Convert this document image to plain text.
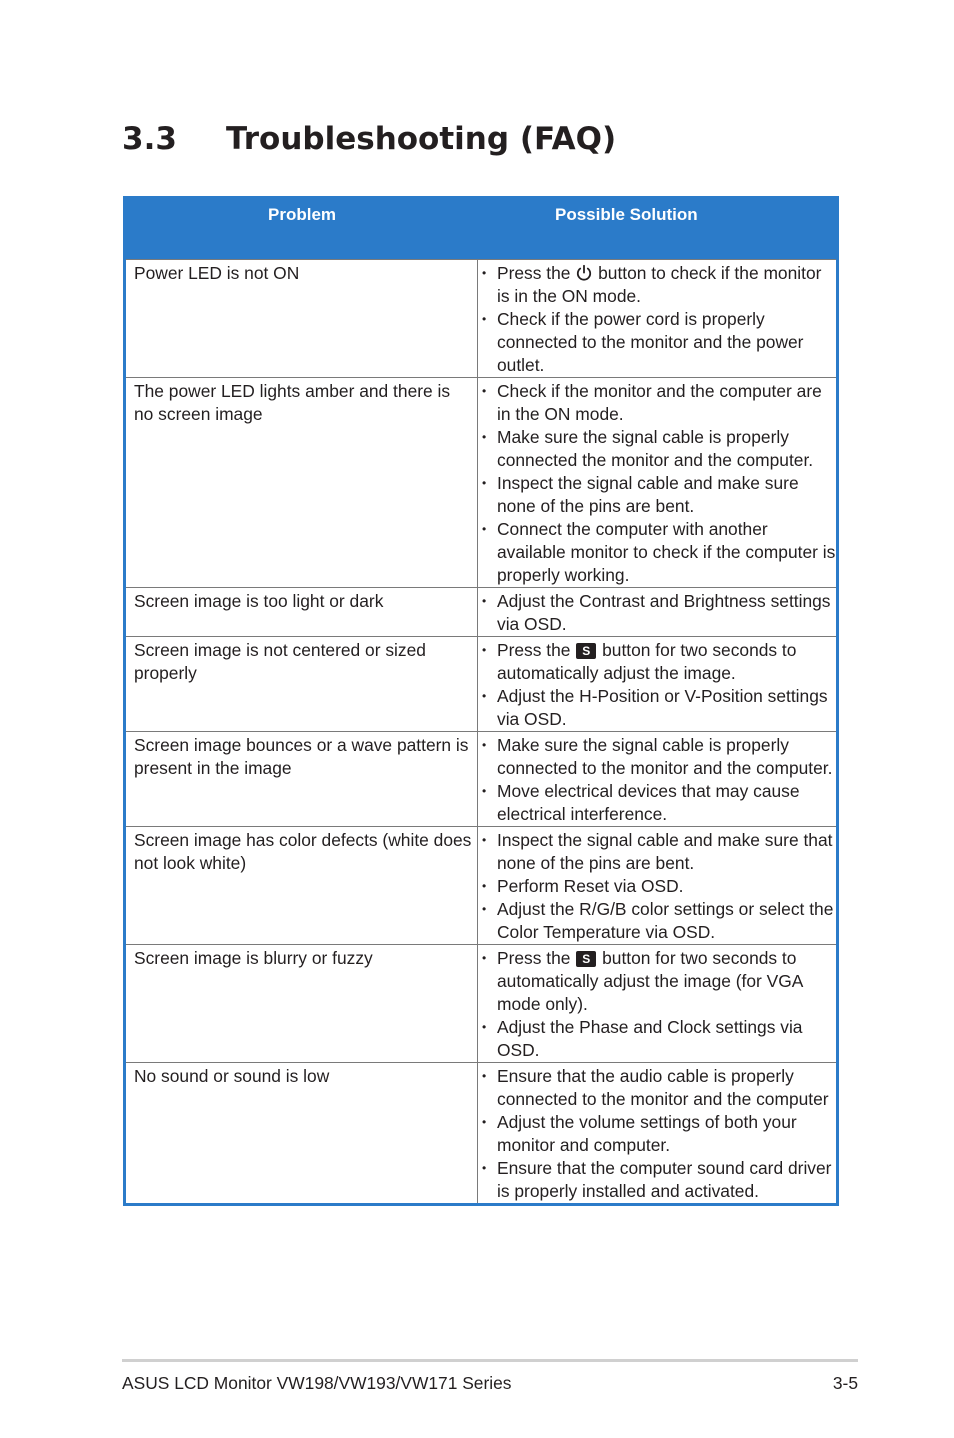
3.3 Troubleshooting (FAQ)
Problem	Possible Solution
Power LED is not ON	• Press the  button to check if the monitor
is in the ON mode.
• Check if the power cord is properly connected to the monitor and the power outlet.
The power LED lights amber and there is no screen image
• Check if the monitor and the computer are in the ON mode.
• Make sure the signal cable is properly connected the monitor and the computer.
• Inspect the signal cable and make sure none of the pins are bent.
• Connect the computer with another available monitor to check if the computer is properly working.
Screen image is too light or dark	• Adjust the Contrast and Brightness settings via OSD.
Screen image is not centered or sized properly
• Press the S button for two seconds to automatically adjust the image.
• Adjust the H-Position or V-Position settings via OSD.
Screen image bounces or a wave pattern is present in the image
• Make sure the signal cable is properly connected to the monitor and the computer.
• Move electrical devices that may cause electrical interference.
Screen image has color defects (white does not look white)
• Inspect the signal cable and make sure that none of the pins are bent.
• Perform Reset via OSD.
• Adjust the R/G/B color settings or select the Color Temperature via OSD.
Screen image is blurry or fuzzy	• Press the S button for two seconds to automatically adjust the image (for VGA mode only).
• Adjust the Phase and Clock settings via OSD.
No sound or sound is low	• Ensure that the audio cable is properly connected to the monitor and the computer
• Adjust the volume settings of both your monitor and computer.
• Ensure that the computer sound card driver is properly installed and activated.
ASUS LCD Monitor VW198/VW193/VW171 Series	3-5
